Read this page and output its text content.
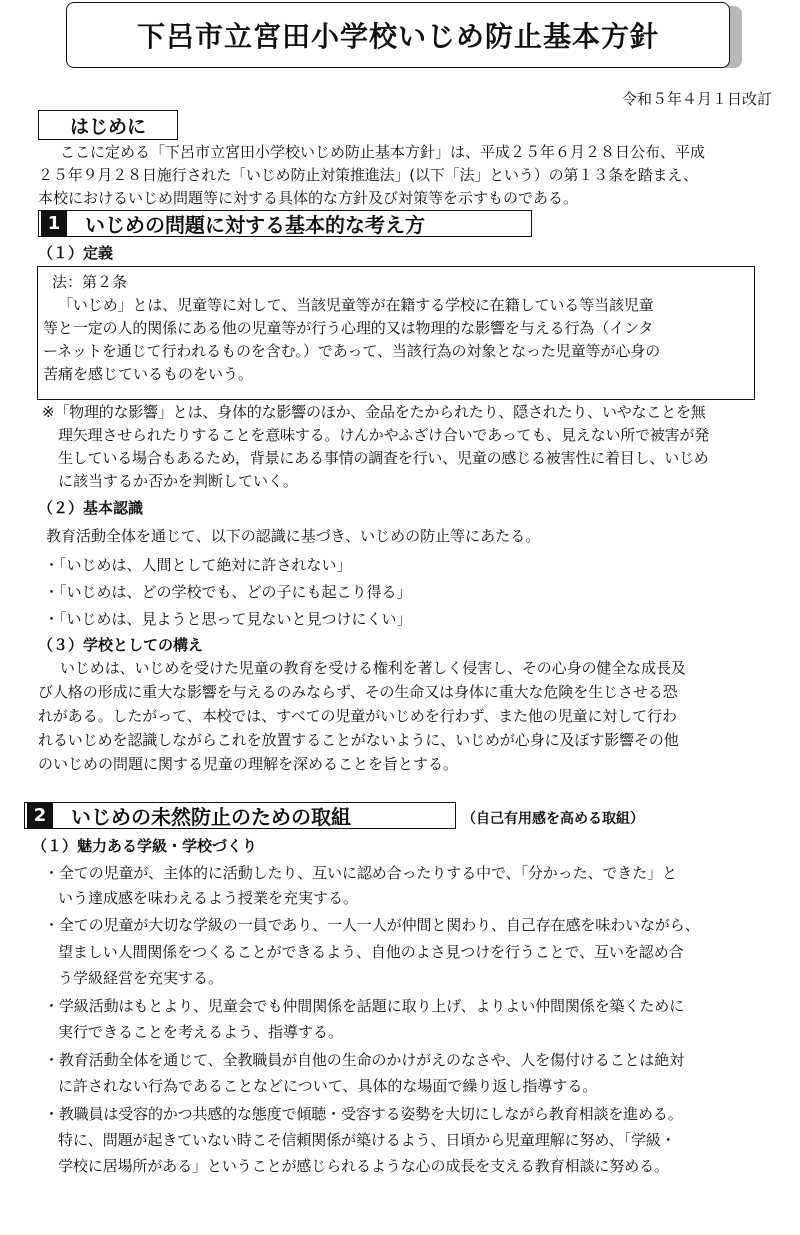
下呂市立宮田小学校いじめ防止基本方針
令和５年４月１日改訂
はじめに
ここに定める「下呂市立宮田小学校いじめ防止基本方針」は、平成２５年６月２８日公布、平成
２５年９月２８日施行された「いじめ防止対策推進法」(以下「法」という）の第１３条を踏まえ、
本校におけるいじめ問題等に対する具体的な方針及び対策等を示すものである。
1	いじめの問題に対する基本的な考え方
（１）定義
法：第２条
「いじめ」とは、児童等に対して、当該児童等が在籍する学校に在籍している等当該児童
等と一定の人的関係にある他の児童等が行う心理的又は物理的な影響を与える行為（インタ
ーネットを通じて行われるものを含む。）であって、当該行為の対象となった児童等が心身の
苦痛を感じているものをいう。
※「物理的な影響」とは、身体的な影響のほか、金品をたかられたり、隠されたり、いやなことを無
理矢理させられたりすることを意味する。けんかやふざけ合いであっても、見えない所で被害が発
生している場合もあるため，背景にある事情の調査を行い、児童の感じる被害性に着目し、いじめ
に該当するか否かを判断していく。
（２）基本認識
教育活動全体を通じて、以下の認識に基づき、いじめの防止等にあたる。
・「いじめは、人間として絶対に許されない」
・「いじめは、どの学校でも、どの子にも起こり得る」
・「いじめは、見ようと思って見ないと見つけにくい」
（３）学校としての構え
いじめは、いじめを受けた児童の教育を受ける権利を著しく侵害し、その心身の健全な成長及
び人格の形成に重大な影響を与えるのみならず、その生命又は身体に重大な危険を生じさせる恐
れがある。したがって、本校では、すべての児童がいじめを行わず、また他の児童に対して行わ
れるいじめを認識しながらこれを放置することがないように、いじめが心身に及ぼす影響その他
のいじめの問題に関する児童の理解を深めることを旨とする。
2	いじめの未然防止のための取組	（自己有用感を高める取組）
（１）魅力ある学級・学校づくり
・全ての児童が、主体的に活動したり、互いに認め合ったりする中で、「分かった、できた」と
いう達成感を味わえるよう授業を充実する。
・全ての児童が大切な学級の一員であり、一人一人が仲間と関わり、自己存在感を味わいながら、
望ましい人間関係をつくることができるよう、自他のよさ見つけを行うことで、互いを認め合
う学級経営を充実する。
・学級活動はもとより、児童会でも仲間関係を話題に取り上げ、よりよい仲間関係を築くために
実行できることを考えるよう、指導する。
・教育活動全体を通じて、全教職員が自他の生命のかけがえのなさや、人を傷付けることは絶対
に許されない行為であることなどについて、具体的な場面で繰り返し指導する。
・教職員は受容的かつ共感的な態度で傾聴・受容する姿勢を大切にしながら教育相談を進める。
特に、問題が起きていない時こそ信頼関係が築けるよう、日頃から児童理解に努め、「学級・
学校に居場所がある」ということが感じられるような心の成長を支える教育相談に努める。
